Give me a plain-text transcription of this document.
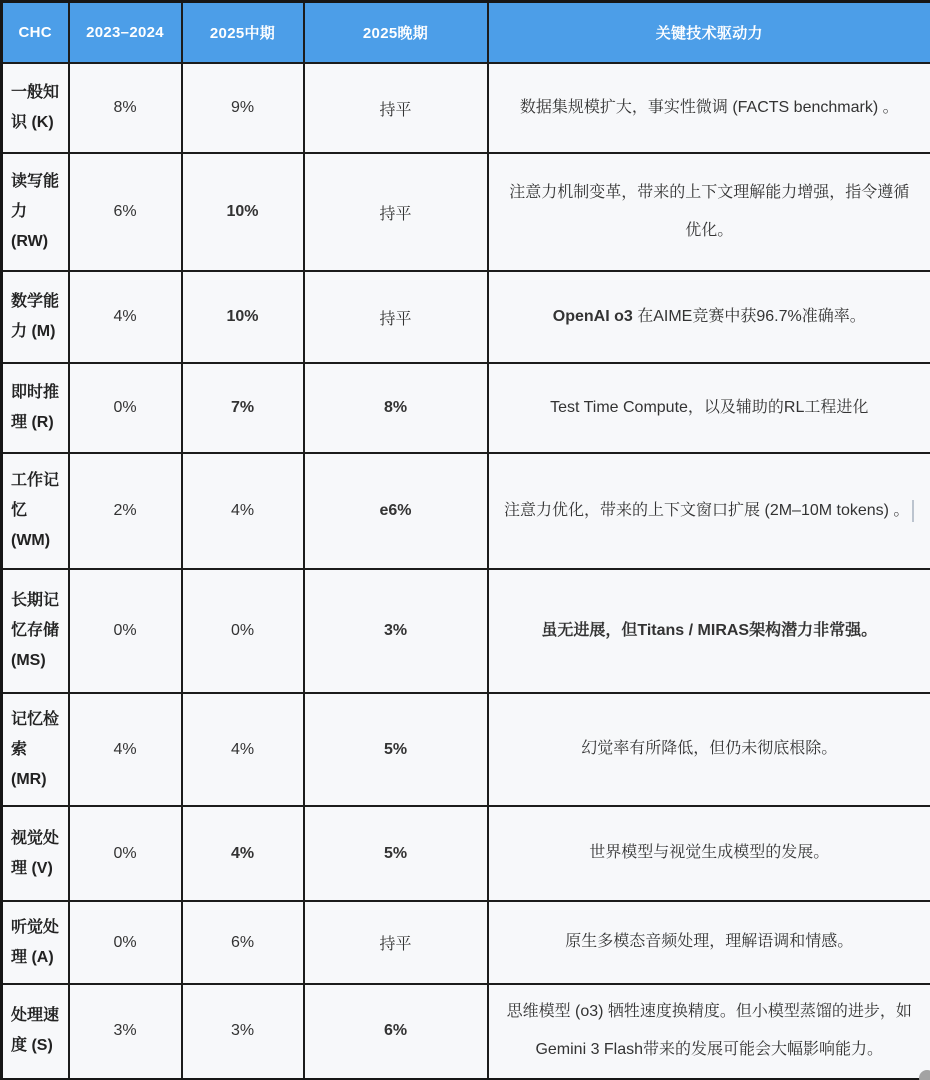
CHC	2023–2024	2025中期	2025晚期	关键技术驱动力
一般知识 (K)	8%	9%	持平	数据集规模扩大，事实性微调 (FACTS benchmark) 。
读写能力 (RW)	6%	10%	持平	注意力机制变革，带来的上下文理解能力增强，指令遵循优化。
数学能力 (M)	4%	10%	持平	OpenAI o3 在AIME竞赛中获96.7%准确率。
即时推理 (R)	0%	7%	8%	Test Time Compute，以及辅助的RL工程进化
工作记忆 (WM)	2%	4%	e6%	注意力优化，带来的上下文窗口扩展 (2M–10M tokens) 。
长期记忆存储 (MS)	0%	0%	3%	虽无进展，但Titans / MIRAS架构潜力非常强。
记忆检索 (MR)	4%	4%	5%	幻觉率有所降低，但仍未彻底根除。
视觉处理 (V)	0%	4%	5%	世界模型与视觉生成模型的发展。
听觉处理 (A)	0%	6%	持平	原生多模态音频处理，理解语调和情感。
处理速度 (S)	3%	3%	6%	思维模型 (o3) 牺牲速度换精度。但小模型蒸馏的进步，如 Gemini 3 Flash带来的发展可能会大幅影响能力。
